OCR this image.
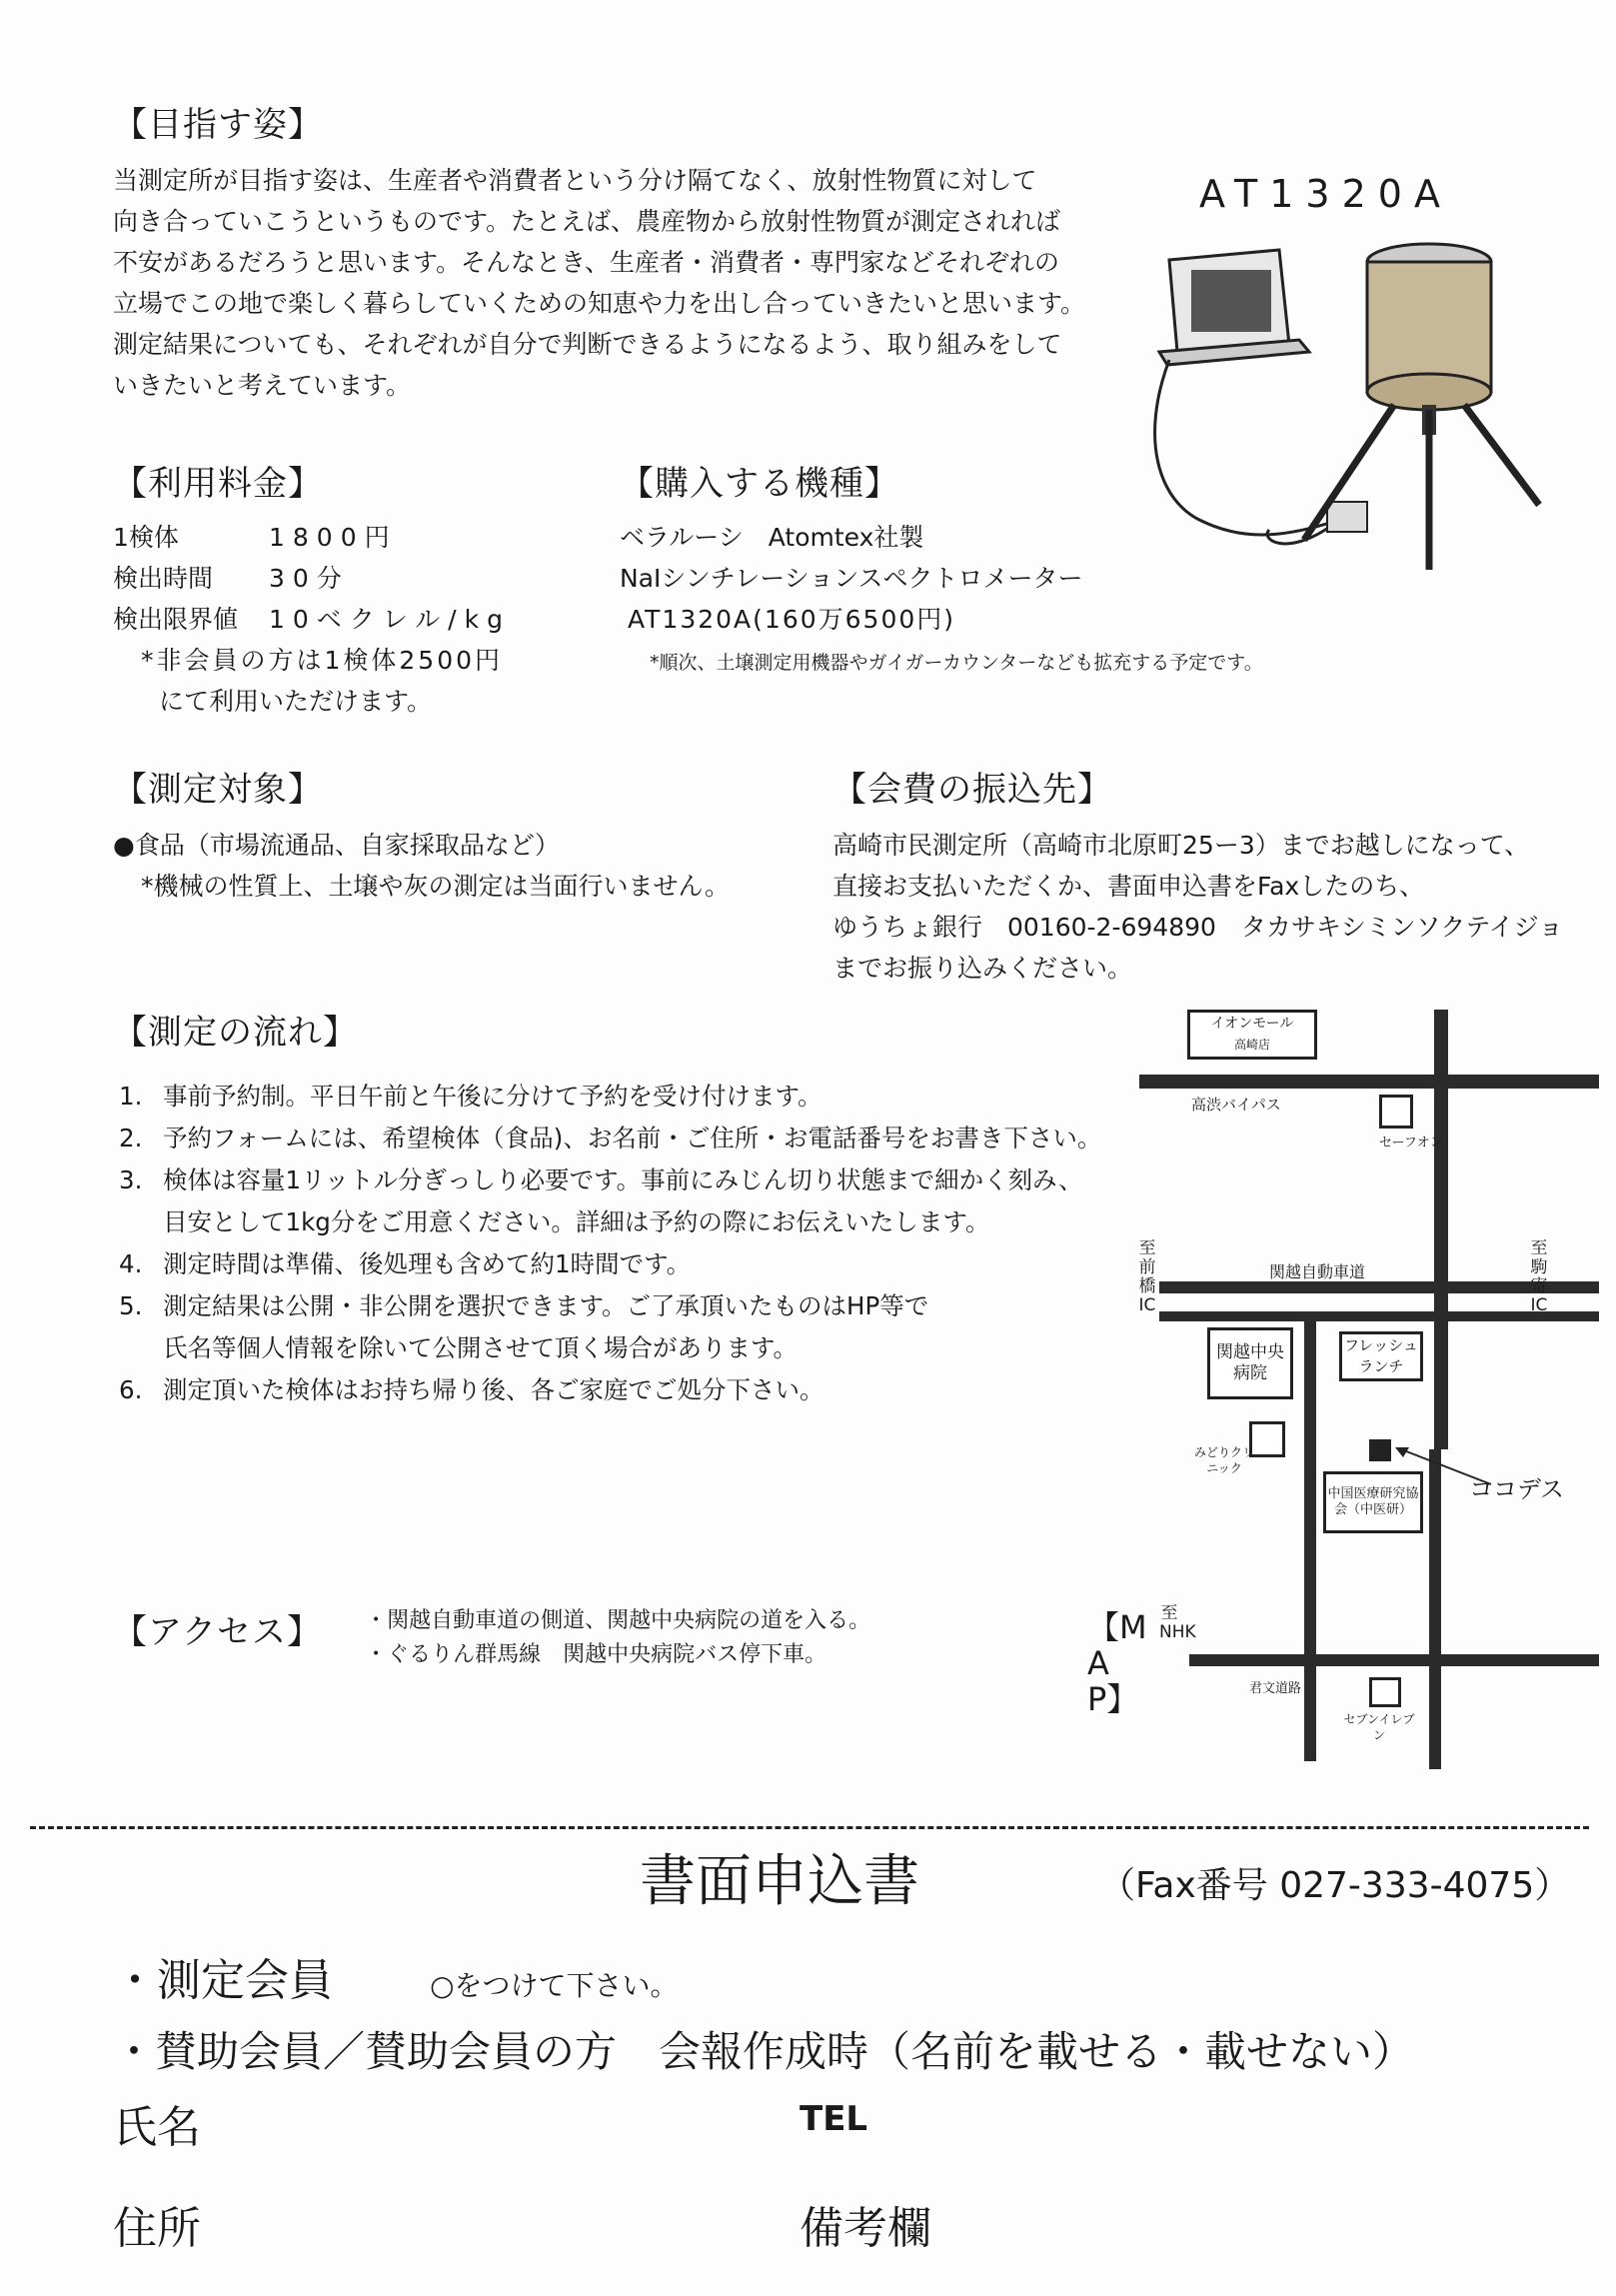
【目指す姿】

当測定所が目指す姿は、生産者や消費者という分け隔てなく、放射性物質に対して

向き合っていこうというものです。たとえば、農産物から放射性物質が測定されれば

不安があるだろうと思います。そんなとき、生産者・消費者・専門家などそれぞれの

立場でこの地で楽しく暮らしていくための知恵や力を出し合っていきたいと思います。

測定結果についても、それぞれが自分で判断できるようになるよう、取り組みをして

いきたいと考えています。

AT1320A
【利用料金】
1検体	1800円
検出時間	30分
検出限界値	10ベクレル/kg

*非会員の方は1検体2500円

にて利用いただけます。

【購入する機種】

ベラルーシ　Atomtex社製

NaIシンチレーションスペクトロメーター

AT1320A(160万6500円)

*順次、土壌測定用機器やガイガーカウンターなども拡充する予定です。

【測定対象】

●食品（市場流通品、自家採取品など）

*機械の性質上、土壌や灰の測定は当面行いません。

【会費の振込先】

高崎市民測定所（高崎市北原町25ー3）までお越しになって、

直接お支払いただくか、書面申込書をFaxしたのち、

ゆうちょ銀行　00160-2-694890　タカサキシミンソクテイジョ

までお振り込みください。

【測定の流れ】
1. 事前予約制。平日午前と午後に分けて予約を受け付けます。
2. 予約フォームには、希望検体（食品)、お名前・ご住所・お電話番号をお書き下さい。
3. 検体は容量1リットル分ぎっしり必要です。事前にみじん切り状態まで細かく刻み、
目安として1kg分をご用意ください。詳細は予約の際にお伝えいたします。
4. 測定時間は準備、後処理も含めて約1時間です。
5. 測定結果は公開・非公開を選択できます。ご了承頂いたものはHP等で
氏名等個人情報を除いて公開させて頂く場合があります。
6. 測定頂いた検体はお持ち帰り後、各ご家庭でご処分下さい。
【アクセス】 ・関越自動車道の側道、関越中央病院の道を入る。
・ぐるりん群馬線　関越中央病院バス停下車。
【MAP】
イオンモール
高崎店
高渋バイパス
セーフオン
関越自動車道
至前橋IC
至駒寄IC
関越中央病院
フレッシュランチ
みどりクリニック
中国医療研究協会（中医研）
ココデス
至NHK
君文道路
セブンイレブン
書面申込書	（Fax番号 027-333-4075）
・測定会員	○をつけて下さい。
・賛助会員／賛助会員の方　会報作成時（名前を載せる・載せない）
氏名	TEL
住所	備考欄
